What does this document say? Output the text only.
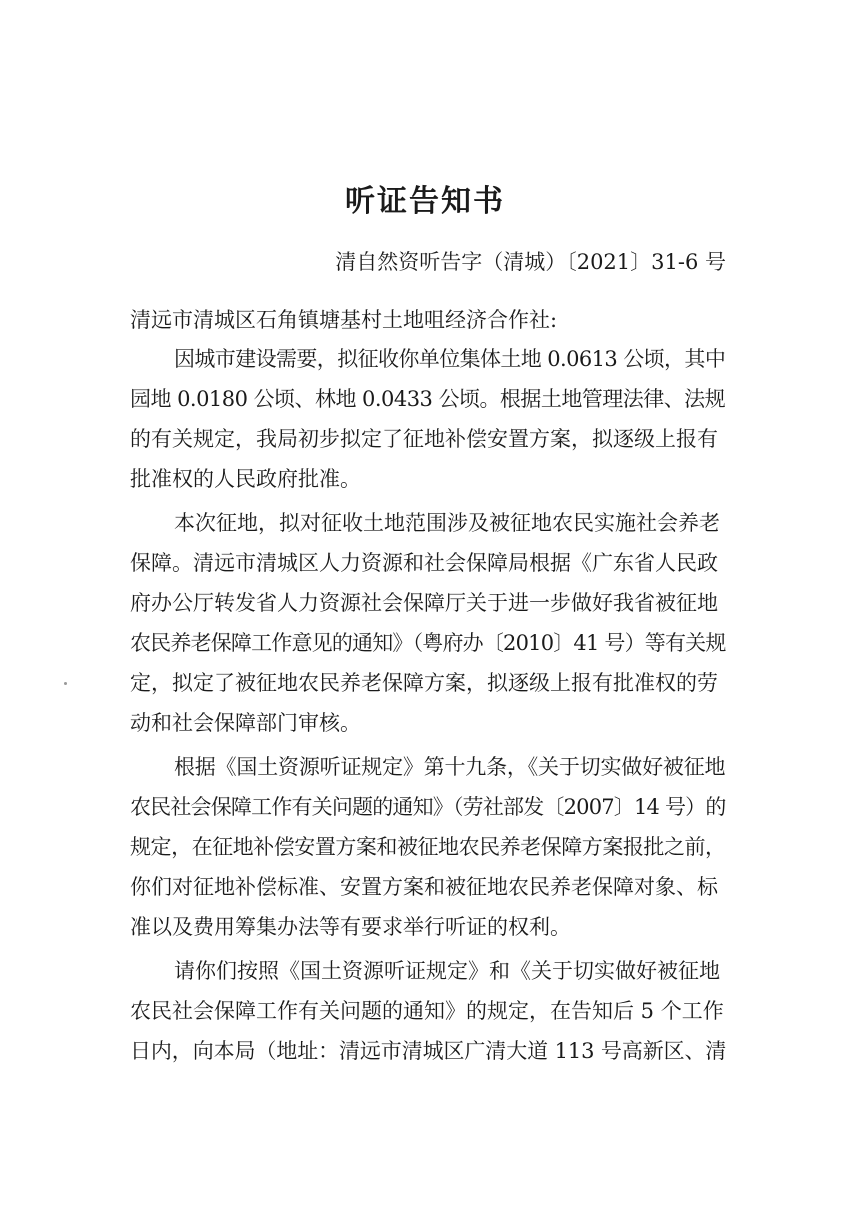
听证告知书
清自然资听告字（清城）〔2021〕31-6 号
清远市清城区石角镇塘基村土地咀经济合作社:
因城市建设需要，拟征收你单位集体土地 0.0613 公顷，其中
园地 0.0180 公顷、林地 0.0433 公顷。根据土地管理法律、法规
的有关规定，我局初步拟定了征地补偿安置方案，拟逐级上报有
批准权的人民政府批准。
本次征地，拟对征收土地范围涉及被征地农民实施社会养老
保障。清远市清城区人力资源和社会保障局根据《广东省人民政
府办公厅转发省人力资源社会保障厅关于进一步做好我省被征地
农民养老保障工作意见的通知》（粤府办〔2010〕41 号）等有关规
定，拟定了被征地农民养老保障方案，拟逐级上报有批准权的劳
动和社会保障部门审核。
根据《国土资源听证规定》第十九条，《关于切实做好被征地
农民社会保障工作有关问题的通知》（劳社部发〔2007〕14 号）的
规定，在征地补偿安置方案和被征地农民养老保障方案报批之前，
你们对征地补偿标准、安置方案和被征地农民养老保障对象、标
准以及费用筹集办法等有要求举行听证的权利。
请你们按照《国土资源听证规定》和《关于切实做好被征地
农民社会保障工作有关问题的通知》的规定，在告知后 5 个工作
日内，向本局（地址：清远市清城区广清大道 113 号高新区、清
